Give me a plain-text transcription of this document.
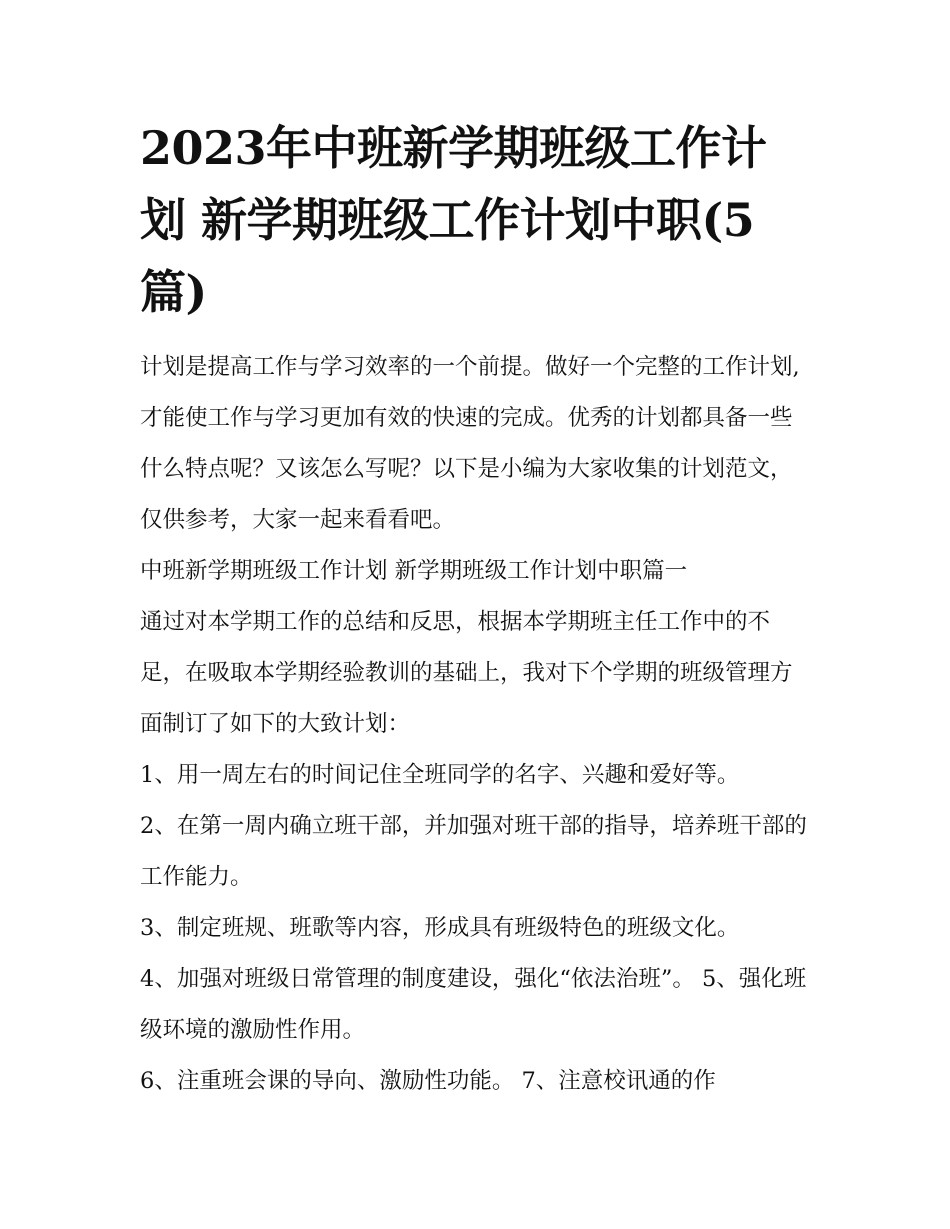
2023年中班新学期班级工作计划 新学期班级工作计划中职(5篇)

计划是提高工作与学习效率的一个前提。做好一个完整的工作计划,才能使工作与学习更加有效的快速的完成。优秀的计划都具备一些什么特点呢？又该怎么写呢？以下是小编为大家收集的计划范文，仅供参考，大家一起来看看吧。

中班新学期班级工作计划 新学期班级工作计划中职篇一

通过对本学期工作的总结和反思，根据本学期班主任工作中的不足，在吸取本学期经验教训的基础上，我对下个学期的班级管理方面制订了如下的大致计划：

1、用一周左右的时间记住全班同学的名字、兴趣和爱好等。

2、在第一周内确立班干部，并加强对班干部的指导，培养班干部的工作能力。

3、制定班规、班歌等内容，形成具有班级特色的班级文化。

4、加强对班级日常管理的制度建设，强化“依法治班”。 5、强化班级环境的激励性作用。

6、注重班会课的导向、激励性功能。 7、注意校讯通的作
